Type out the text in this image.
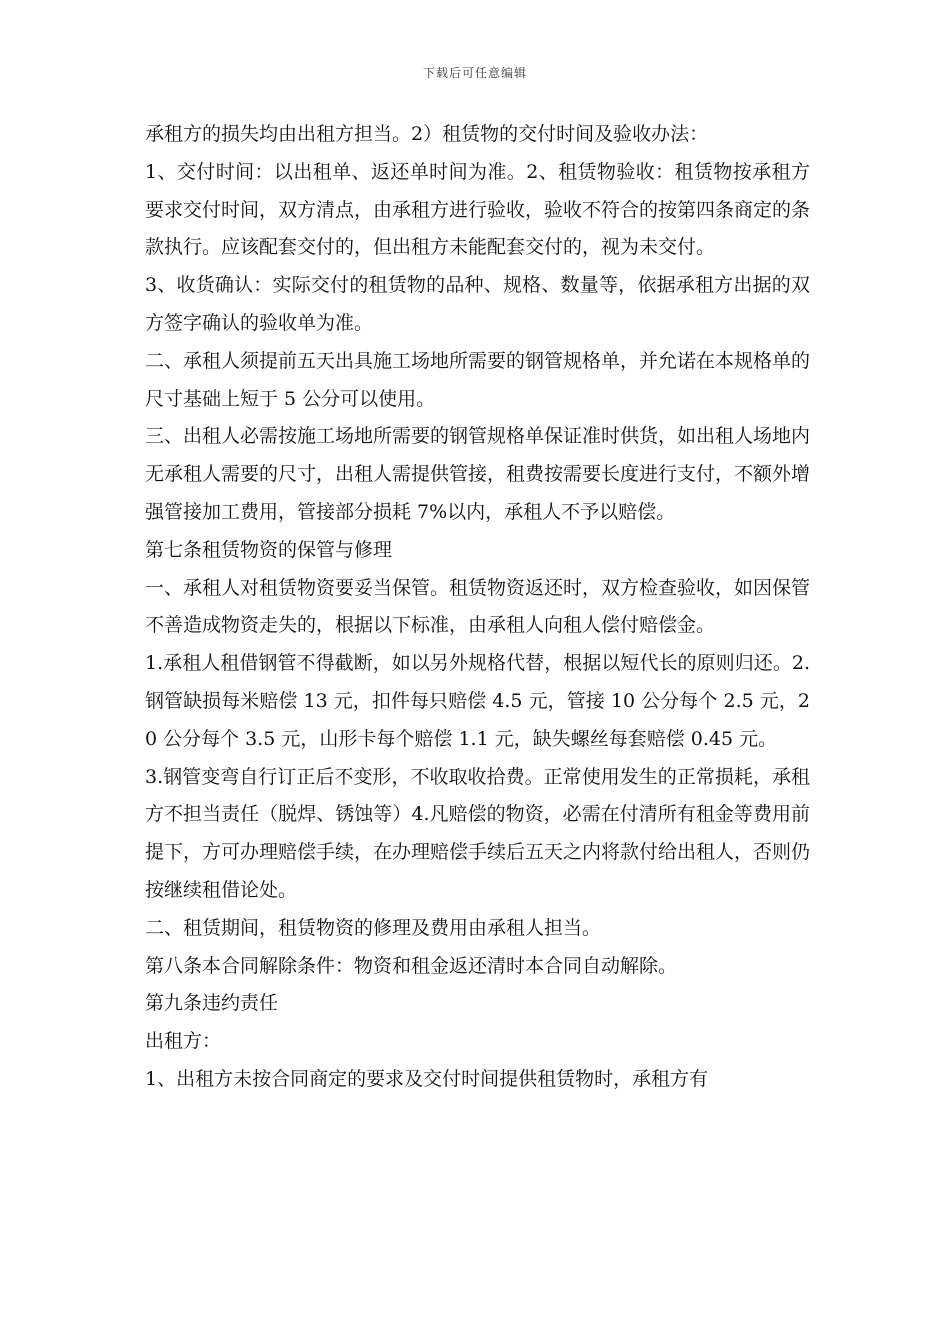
下载后可任意编辑

承租方的损失均由出租方担当。2）租赁物的交付时间及验收办法：

1、交付时间：以出租单、返还单时间为准。2、租赁物验收：租赁物按承租方要求交付时间，双方清点，由承租方进行验收，验收不符合的按第四条商定的条款执行。应该配套交付的，但出租方未能配套交付的，视为未交付。

3、收货确认：实际交付的租赁物的品种、规格、数量等，依据承租方出据的双方签字确认的验收单为准。

二、承租人须提前五天出具施工场地所需要的钢管规格单，并允诺在本规格单的尺寸基础上短于 5 公分可以使用。

三、出租人必需按施工场地所需要的钢管规格单保证准时供货，如出租人场地内无承租人需要的尺寸，出租人需提供管接，租费按需要长度进行支付，不额外增强管接加工费用，管接部分损耗 7%以内，承租人不予以赔偿。

第七条租赁物资的保管与修理

一、承租人对租赁物资要妥当保管。租赁物资返还时，双方检查验收，如因保管不善造成物资走失的，根据以下标准，由承租人向租人偿付赔偿金。

1.承租人租借钢管不得截断，如以另外规格代替，根据以短代长的原则归还。2.钢管缺损每米赔偿 13 元，扣件每只赔偿 4.5 元，管接 10 公分每个 2.5 元，20 公分每个 3.5 元，山形卡每个赔偿 1.1 元，缺失螺丝每套赔偿 0.45 元。

3.钢管变弯自行订正后不变形，不收取收拾费。正常使用发生的正常损耗，承租方不担当责任（脱焊、锈蚀等）4.凡赔偿的物资，必需在付清所有租金等费用前提下，方可办理赔偿手续，在办理赔偿手续后五天之内将款付给出租人，否则仍按继续租借论处。

二、租赁期间，租赁物资的修理及费用由承租人担当。

第八条本合同解除条件：物资和租金返还清时本合同自动解除。

第九条违约责任

出租方：

1、出租方未按合同商定的要求及交付时间提供租赁物时，承租方有
